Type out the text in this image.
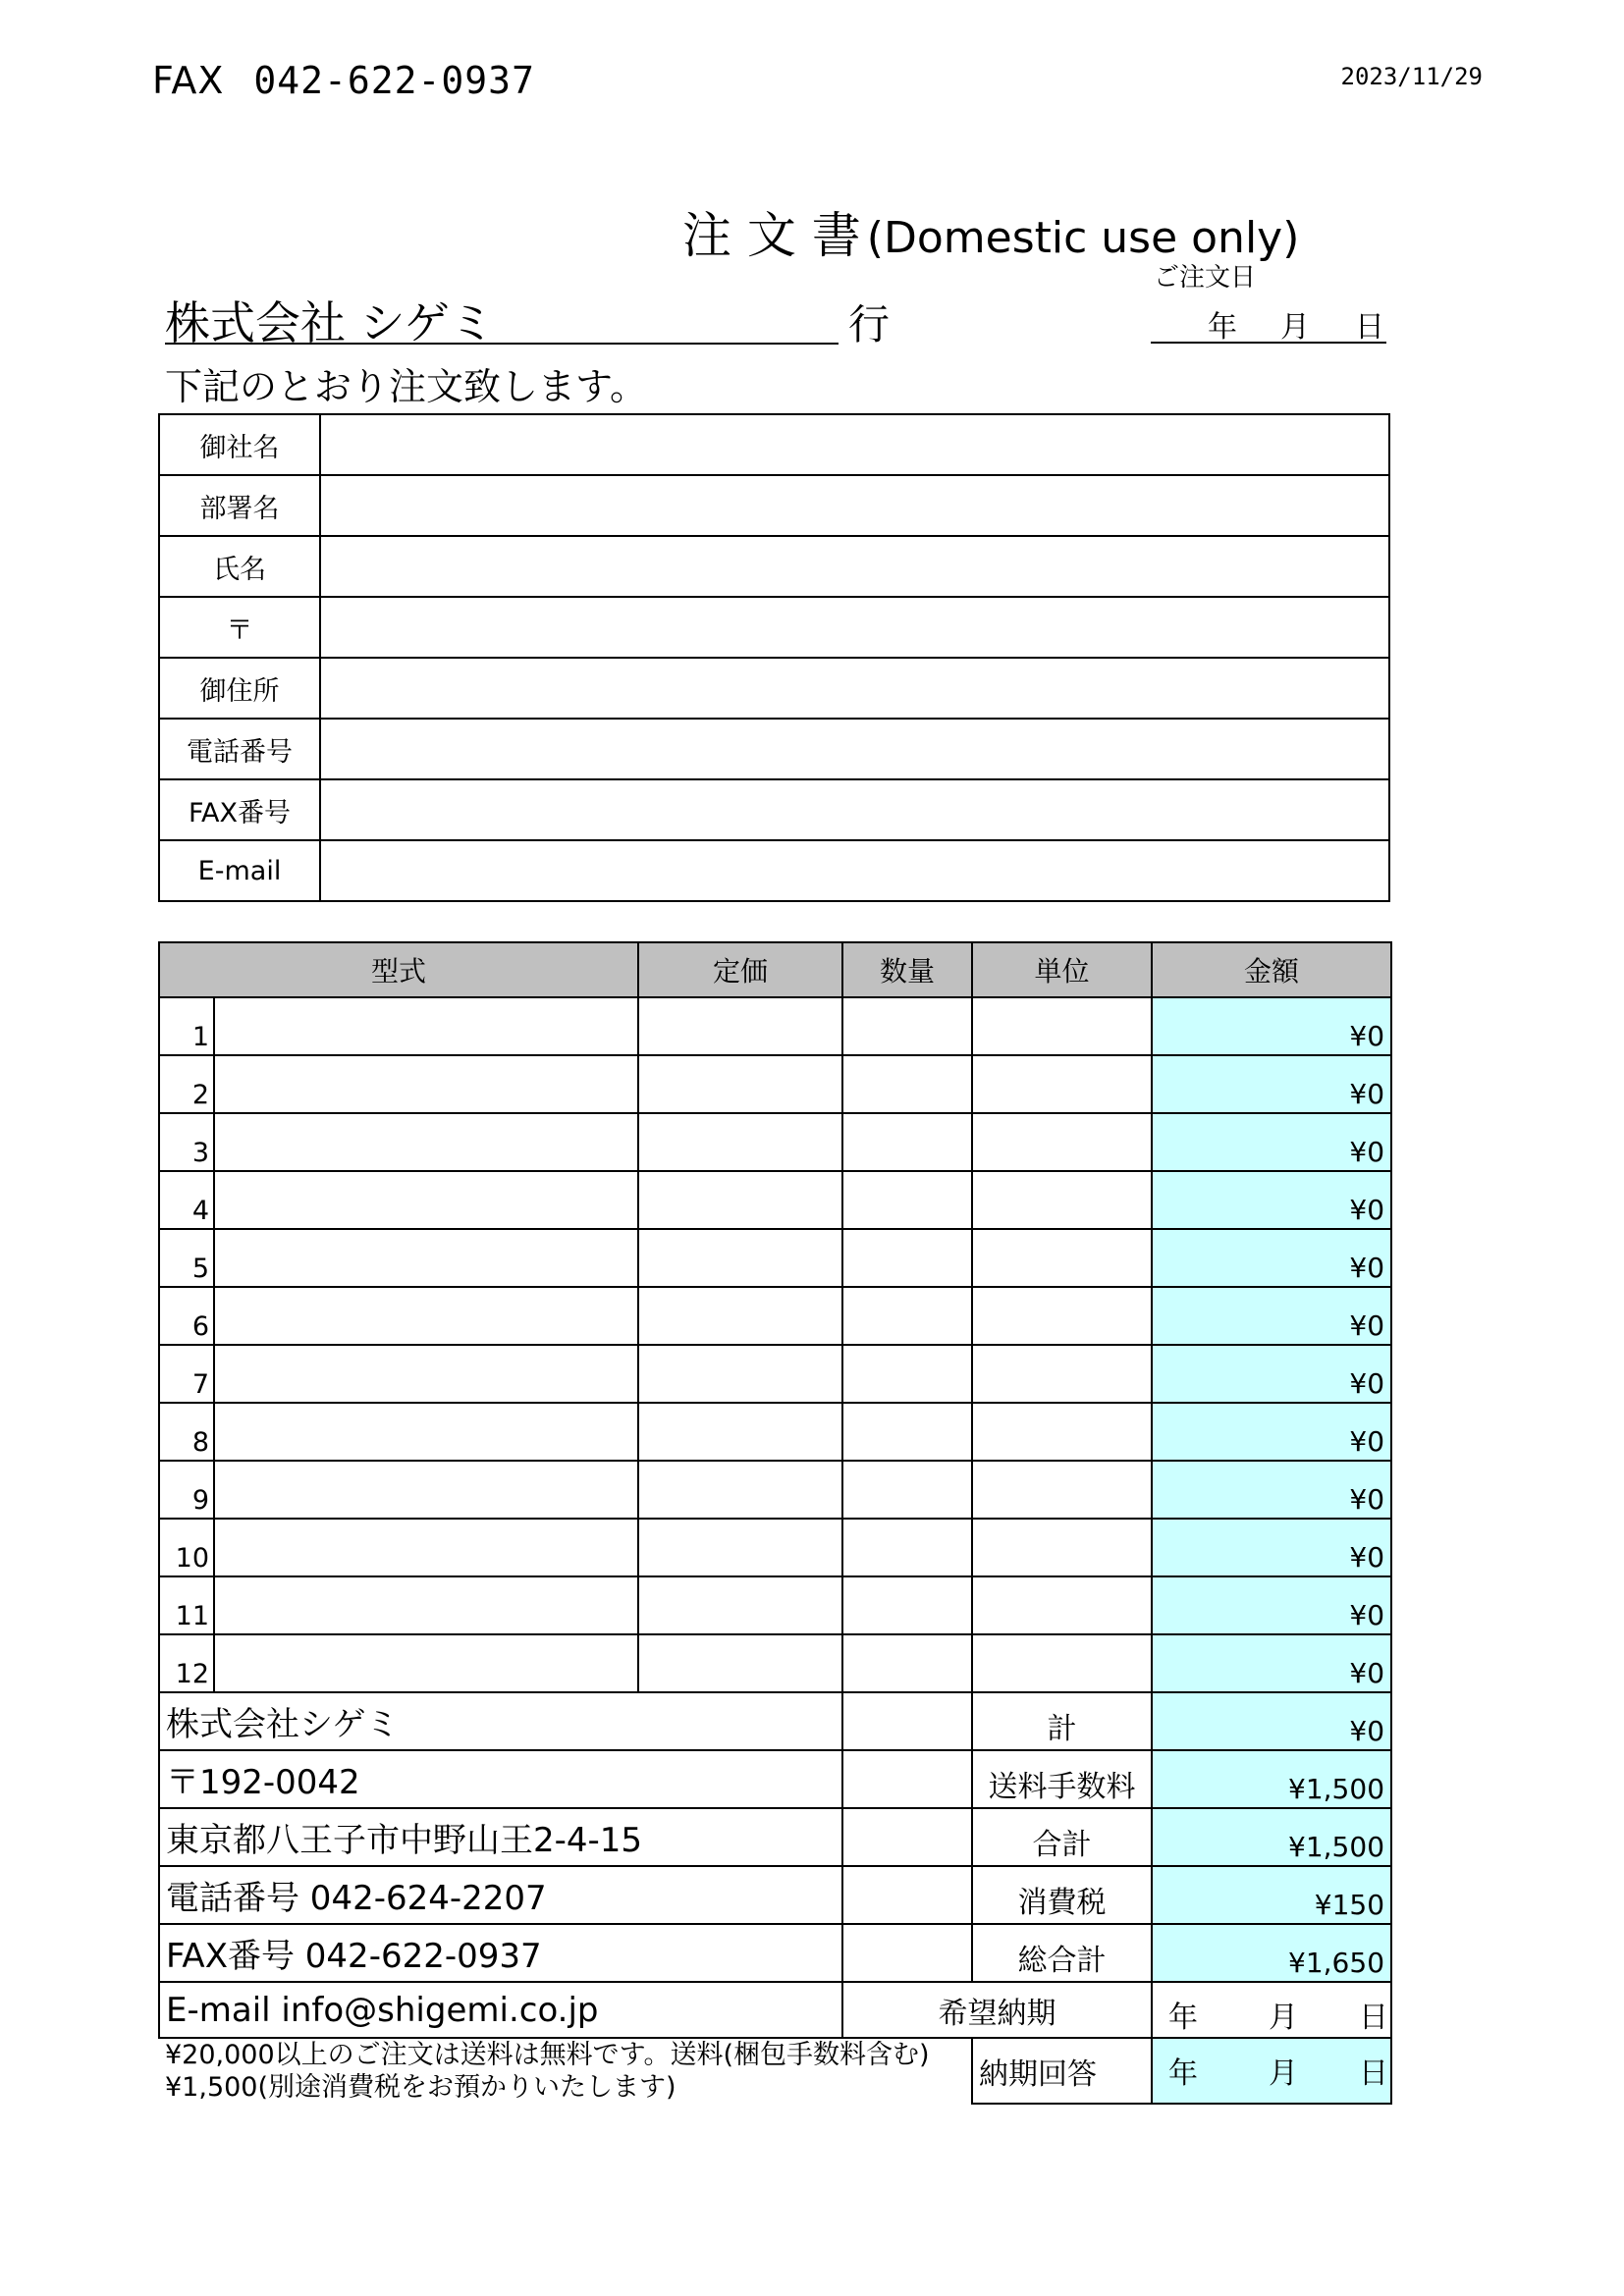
FAX 042-622-0937	2023/11/29
注 文 書 (Domestic use only)
ご注文日
株式会社 シゲミ	行	年 月 日
下記のとおり注文致します。
御社名	
部署名	
氏名	
〒	
御住所	
電話番号	
FAX番号	
E-mail	
型式		定価	数量	単位	金額
1					¥0
2					¥0
3					¥0
4					¥0
5					¥0
6					¥0
7					¥0
8					¥0
9					¥0
10					¥0
11					¥0
12					¥0
株式会社シゲミ				計	¥0
〒192-0042				送料手数料	¥1,500
東京都八王子市中野山王2-4-15				合計	¥1,500
電話番号 042-624-2207				消費税	¥150
FAX番号 042-622-0937				総合計	¥1,650
E-mail info@shigemi.co.jp			希望納期		年 月 日

¥20,000以上のご注文は送料は無料です。送料(梱包手数料含む)¥1,500(別途消費税をお預かりいたします)				納期回答	年 月 日
